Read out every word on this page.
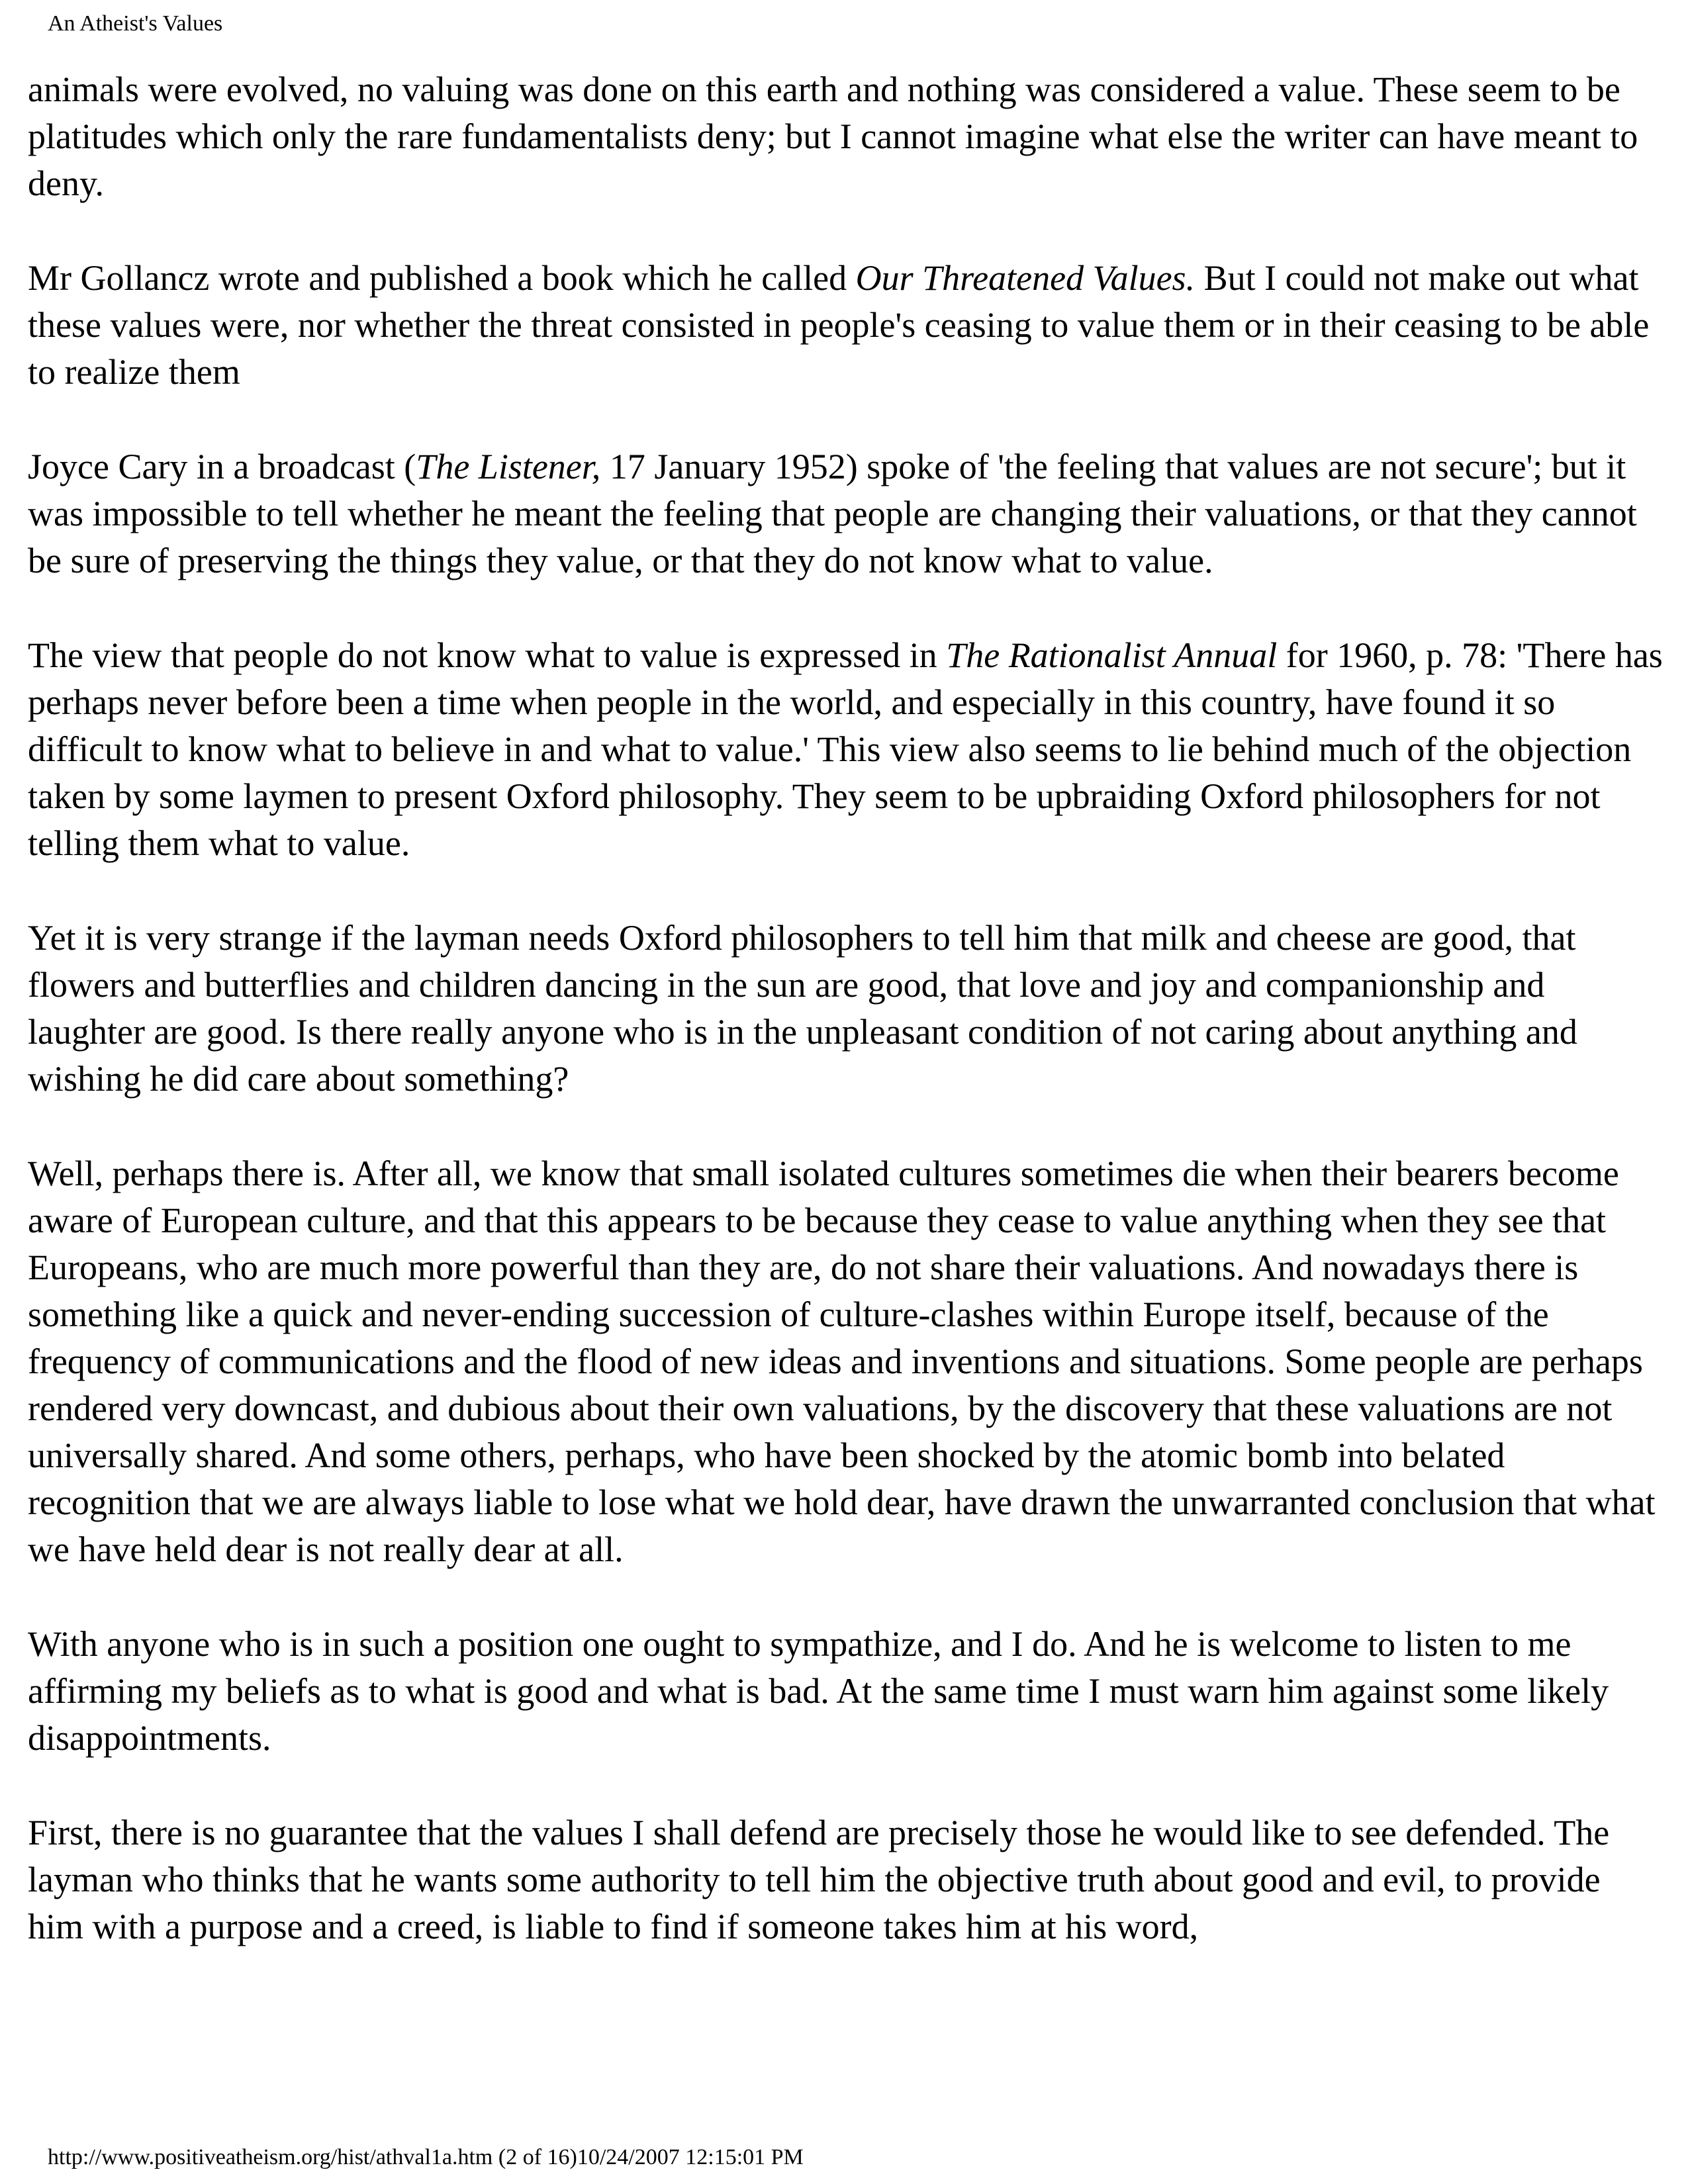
An Atheist's Values

animals were evolved, no valuing was done on this earth and nothing was considered a value. These seem to be platitudes which only the rare fundamentalists deny; but I cannot imagine what else the writer can have meant to deny.

Mr Gollancz wrote and published a book which he called Our Threatened Values. But I could not make out what these values were, nor whether the threat consisted in people's ceasing to value them or in their ceasing to be able to realize them

Joyce Cary in a broadcast (The Listener, 17 January 1952) spoke of 'the feeling that values are not secure'; but it was impossible to tell whether he meant the feeling that people are changing their valuations, or that they cannot be sure of preserving the things they value, or that they do not know what to value.

The view that people do not know what to value is expressed in The Rationalist Annual for 1960, p. 78: 'There has perhaps never before been a time when people in the world, and especially in this country, have found it so difficult to know what to believe in and what to value.' This view also seems to lie behind much of the objection taken by some laymen to present Oxford philosophy. They seem to be upbraiding Oxford philosophers for not telling them what to value.

Yet it is very strange if the layman needs Oxford philosophers to tell him that milk and cheese are good, that flowers and butterflies and children dancing in the sun are good, that love and joy and companionship and laughter are good. Is there really anyone who is in the unpleasant condition of not caring about anything and wishing he did care about something?

Well, perhaps there is. After all, we know that small isolated cultures sometimes die when their bearers become aware of European culture, and that this appears to be because they cease to value anything when they see that Europeans, who are much more powerful than they are, do not share their valuations. And nowadays there is something like a quick and never-ending succession of culture-clashes within Europe itself, because of the frequency of communications and the flood of new ideas and inventions and situations. Some people are perhaps rendered very downcast, and dubious about their own valuations, by the discovery that these valuations are not universally shared. And some others, perhaps, who have been shocked by the atomic bomb into belated recognition that we are always liable to lose what we hold dear, have drawn the unwarranted conclusion that what we have held dear is not really dear at all.

With anyone who is in such a position one ought to sympathize, and I do. And he is welcome to listen to me affirming my beliefs as to what is good and what is bad. At the same time I must warn him against some likely disappointments.

First, there is no guarantee that the values I shall defend are precisely those he would like to see defended. The layman who thinks that he wants some authority to tell him the objective truth about good and evil, to provide him with a purpose and a creed, is liable to find if someone takes him at his word,

http://www.positiveatheism.org/hist/athval1a.htm (2 of 16)10/24/2007 12:15:01 PM
